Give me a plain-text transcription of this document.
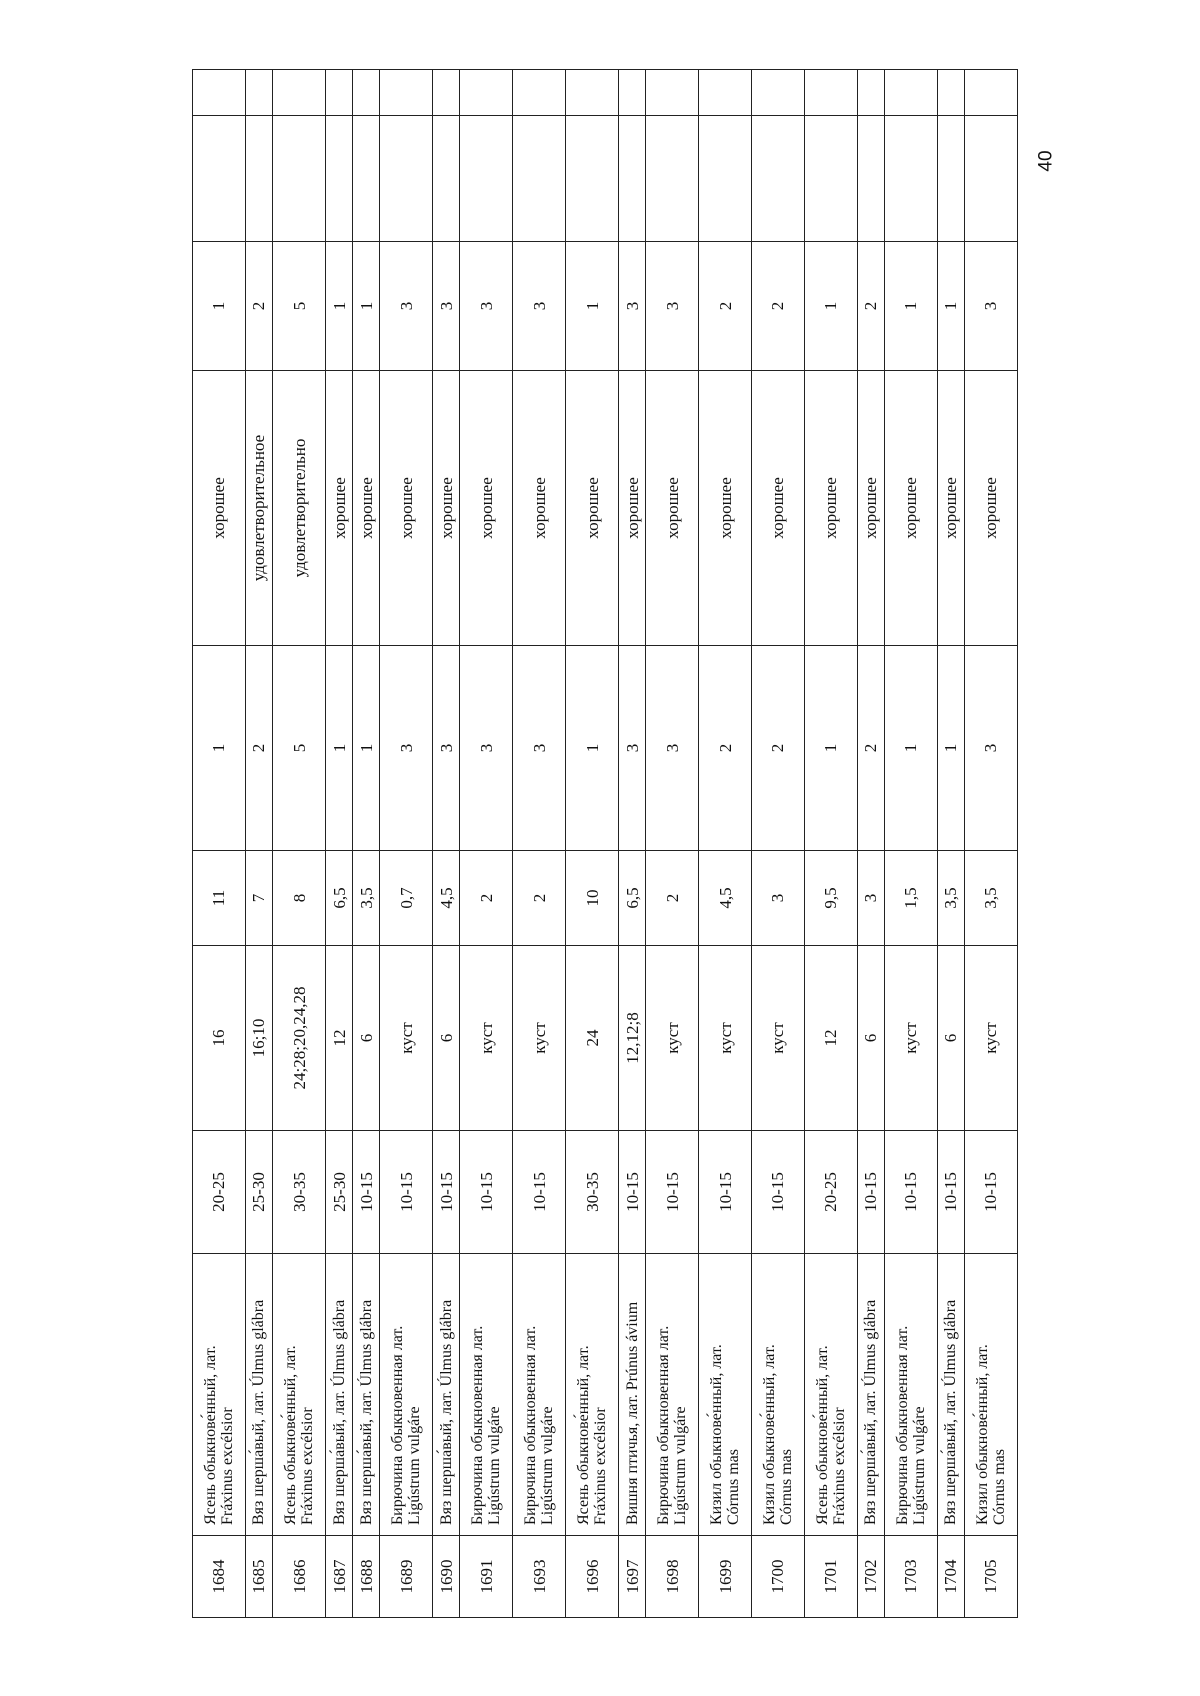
1684	Ясень обыкнове́нный, лат. Fráxinus excélsior	20-25	16	11	1	хорошее	1		
1685	Вяз шерша́вый, лат. Úlmus glábra	25-30	16;10	7	2	удовлетворительное	2		
1686	Ясень обыкнове́нный, лат. Fráxinus excélsior	30-35	24;28;20,24,28	8	5	удовлетворительно	5		
1687	Вяз шерша́вый, лат. Úlmus glábra	25-30	12	6,5	1	хорошее	1		
1688	Вяз шерша́вый, лат. Úlmus glábra	10-15	6	3,5	1	хорошее	1		
1689	Бирючина обыкновенная лат. Ligústrum vulgáre	10-15	куст	0,7	3	хорошее	3		
1690	Вяз шерша́вый, лат. Úlmus glábra	10-15	6	4,5	3	хорошее	3		
1691	Бирючина обыкновенная лат. Ligústrum vulgáre	10-15	куст	2	3	хорошее	3		
1693	Бирючина обыкновенная лат. Ligústrum vulgáre	10-15	куст	2	3	хорошее	3		
1696	Ясень обыкнове́нный, лат. Fráxinus excélsior	30-35	24	10	1	хорошее	1		
1697	Вишня птичья, лат. Prúnus ávium	10-15	12,12;8	6,5	3	хорошее	3		
1698	Бирючина обыкновенная лат. Ligústrum vulgáre	10-15	куст	2	3	хорошее	3		
1699	Кизил обыкнове́нный, лат. Córnus mas	10-15	куст	4,5	2	хорошее	2		
1700	Кизил обыкнове́нный, лат. Córnus mas	10-15	куст	3	2	хорошее	2		
1701	Ясень обыкнове́нный, лат. Fráxinus excélsior	20-25	12	9,5	1	хорошее	1		
1702	Вяз шерша́вый, лат. Úlmus glábra	10-15	6	3	2	хорошее	2		
1703	Бирючина обыкновенная лат. Ligústrum vulgáre	10-15	куст	1,5	1	хорошее	1		
1704	Вяз шерша́вый, лат. Úlmus glábra	10-15	6	3,5	1	хорошее	1		
1705	Кизил обыкнове́нный, лат. Córnus mas	10-15	куст	3,5	3	хорошее	3		
40
